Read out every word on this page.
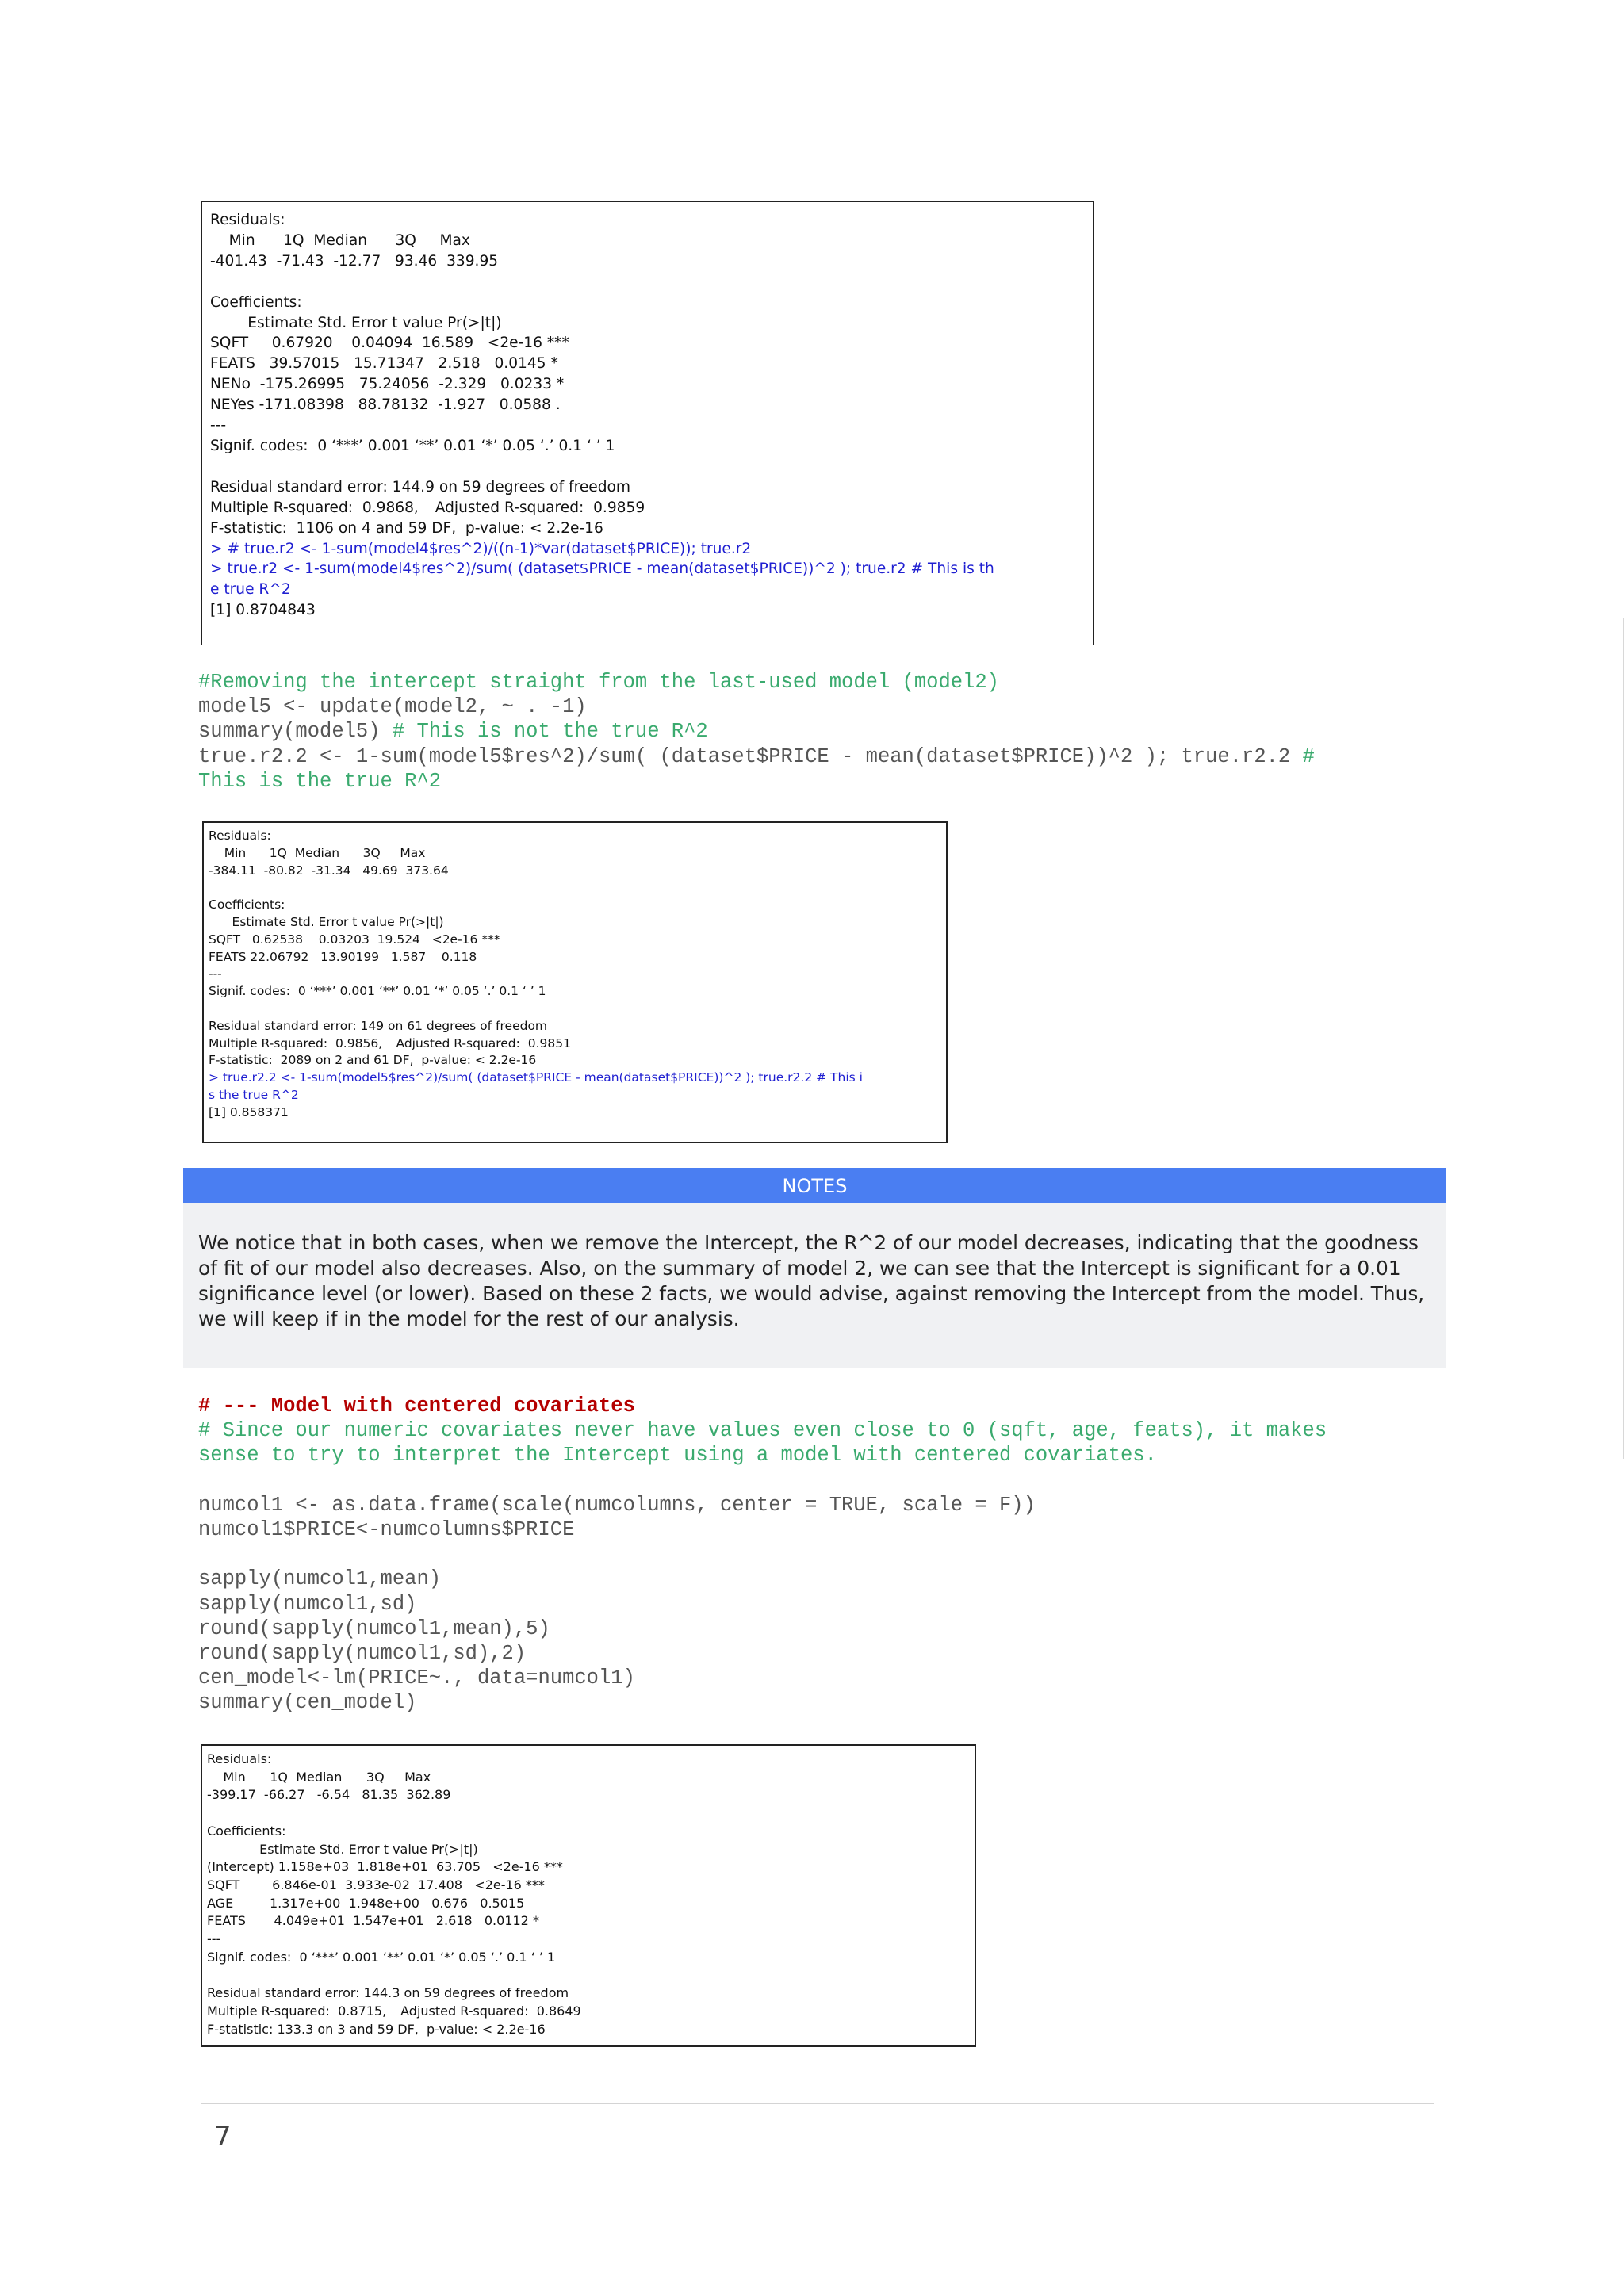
Residuals:
Min      1Q  Median      3Q     Max
-401.43  -71.43  -12.77   93.46  339.95

Coefficients:
Estimate Std. Error t value Pr(>|t|)
SQFT     0.67920    0.04094  16.589   <2e-16 ***
FEATS   39.57015   15.71347   2.518   0.0145 *
NENo  -175.26995   75.24056  -2.329   0.0233 *
NEYes -171.08398   88.78132  -1.927   0.0588 .
---
Signif. codes:  0 ‘***’ 0.001 ‘**’ 0.01 ‘*’ 0.05 ‘.’ 0.1 ‘ ’ 1

Residual standard error: 144.9 on 59 degrees of freedom
Multiple R-squared:  0.9868,	Adjusted R-squared:  0.9859
F-statistic:  1106 on 4 and 59 DF,  p-value: < 2.2e-16

> # true.r2 <- 1-sum(model4$res^2)/((n-1)*var(dataset$PRICE)); true.r2
> true.r2 <- 1-sum(model4$res^2)/sum( (dataset$PRICE - mean(dataset$PRICE))^2 ); true.r2 # This is th
e true R^2
[1] 0.8704843
#Removing the intercept straight from the last-used model (model2)
model5 <- update(model2, ~ . -1)
summary(model5) # This is not the true R^2
true.r2.2 <- 1-sum(model5$res^2)/sum( (dataset$PRICE - mean(dataset$PRICE))^2 ); true.r2.2 #
This is the true R^2
Residuals:
Min      1Q  Median      3Q     Max
-384.11  -80.82  -31.34   49.69  373.64

Coefficients:
Estimate Std. Error t value Pr(>|t|)
SQFT   0.62538    0.03203  19.524   <2e-16 ***
FEATS 22.06792   13.90199   1.587    0.118
---
Signif. codes:  0 ‘***’ 0.001 ‘**’ 0.01 ‘*’ 0.05 ‘.’ 0.1 ‘ ’ 1

Residual standard error: 149 on 61 degrees of freedom
Multiple R-squared:  0.9856,	Adjusted R-squared:  0.9851
F-statistic:  2089 on 2 and 61 DF,  p-value: < 2.2e-16

> true.r2.2 <- 1-sum(model5$res^2)/sum( (dataset$PRICE - mean(dataset$PRICE))^2 ); true.r2.2 # This i
s the true R^2
[1] 0.858371
NOTES

We notice that in both cases, when we remove the Intercept, the R^2 of our model decreases, indicating that the goodness of fit of our model also decreases. Also, on the summary of model 2, we can see that the Intercept is significant for a 0.01 significance level (or lower). Based on these 2 facts, we would advise, against removing the Intercept from the model. Thus, we will keep if in the model for the rest of our analysis.

# --- Model with centered covariates
# Since our numeric covariates never have values even close to 0 (sqft, age, feats), it makes
sense to try to interpret the Intercept using a model with centered covariates.

numcol1 <- as.data.frame(scale(numcolumns, center = TRUE, scale = F))
numcol1$PRICE<-numcolumns$PRICE

sapply(numcol1,mean)
sapply(numcol1,sd)
round(sapply(numcol1,mean),5)
round(sapply(numcol1,sd),2)
cen_model<-lm(PRICE~., data=numcol1)
summary(cen_model)
Residuals:
Min      1Q  Median      3Q     Max
-399.17  -66.27   -6.54   81.35  362.89

Coefficients:
Estimate Std. Error t value Pr(>|t|)
(Intercept) 1.158e+03  1.818e+01  63.705   <2e-16 ***
SQFT        6.846e-01  3.933e-02  17.408   <2e-16 ***
AGE         1.317e+00  1.948e+00   0.676   0.5015
FEATS       4.049e+01  1.547e+01   2.618   0.0112 *
---
Signif. codes:  0 ‘***’ 0.001 ‘**’ 0.01 ‘*’ 0.05 ‘.’ 0.1 ‘ ’ 1

Residual standard error: 144.3 on 59 degrees of freedom
Multiple R-squared:  0.8715,	Adjusted R-squared:  0.8649
F-statistic: 133.3 on 3 and 59 DF,  p-value: < 2.2e-16
7
